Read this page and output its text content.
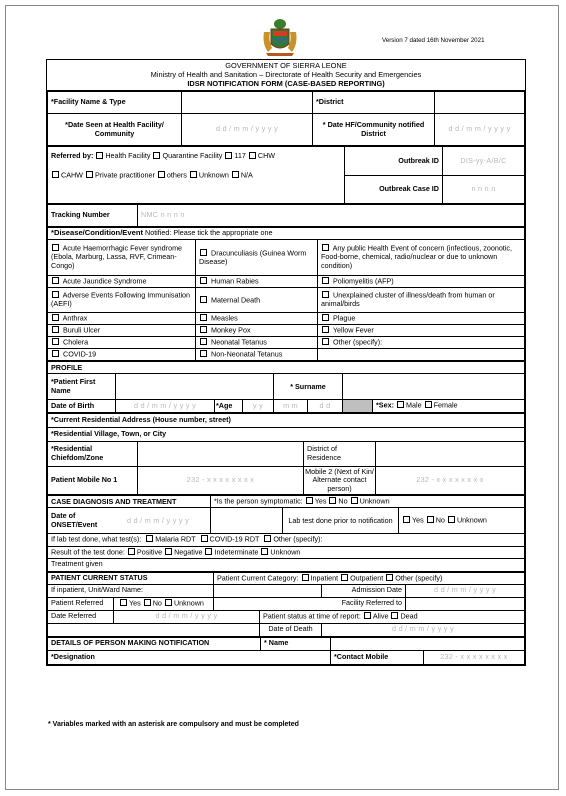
Version 7 dated 16th November 2021
GOVERNMENT OF SIERRA LEONE
Ministry of Health and Sanitation – Directorate of Health Security and Emergencies
IDSR NOTIFICATION FORM (CASE-BASED REPORTING)
*Facility Name & Type		*District	
*Date Seen at Health Facility/ Community	d d / m m / y y y y	* Date HF/Community notified District	d d / m m / y y y y
Referred by: Health Facility Quarantine Facility 117 CHW
CAHW Private practitioner others Unknown N/A	Outbreak ID	DIS-yy-A/B/C
	Outbreak Case ID	n n n n
Tracking Number	NMC n n n n
*Disease/Condition/Event Notified: Please tick the appropriate one		
Acute Haemorrhagic Fever syndrome (Ebola, Marburg, Lassa, RVF, Crimean-Congo)	Dracunculiasis (Guinea Worm Disease)	Any public Health Event of concern (infectious, zoonotic, Food-borne, chemical, radio/nuclear or due to unknown condition)
Acute Jaundice Syndrome	Human Rabies	Poliomyelitis (AFP)
Adverse Events Following Immunisation (AEFI)	Maternal Death	Unexplained cluster of illness/death from human or animal/birds
Anthrax	Measles	Plague
Buruli Ulcer	Monkey Pox	Yellow Fever
Cholera	Neonatal Tetanus	Other (specify):
COVID-19	Non-Neonatal Tetanus	
PROFILE							
*Patient First Name				* Surname			
Date of Birth	d d / m m / y y y y	*Age	y y	m m	d d		*Sex: Male Female
*Current Residential Address (House number, street)			
*Residential Village, Town, or City			
*Residential Chiefdom/Zone		District of Residence	
Patient Mobile No 1	232 - x x x x x x x x	Mobile 2 (Next of Kin/ Alternate contact person)	232 - x x x x x x x x
CASE DIAGNOSIS AND TREATMENT	*Is the person symptomatic: Yes No Unknown

Date of ONSET/Event	d d / m m / y y y y
			Lab test done prior to notification	Yes No Unknown
If lab test done, what test(s): Malaria RDT COVID-19 RDT Other (specify):
Result of the test done: Positive Negative Indeterminate Unknown
Treatment given
PATIENT CURRENT STATUS		Patient Current Category: Inpatient Outpatient Other (specify)			
If inpatient, Unit/Ward Name:				Admission Date	d d / m m / y y y y
Patient Referred	Yes No Unknown	Facility Referred to			
Date Referred	d d / m m / y y y y		Patient status at time of report: Alive Dead		
			Date of Death	d d / m m / y y y y	
DETAILS OF PERSON MAKING NOTIFICATION	* Name		
*Designation		*Contact Mobile	232 - x x x x x x x x
* Variables marked with an asterisk are compulsory and must be completed
